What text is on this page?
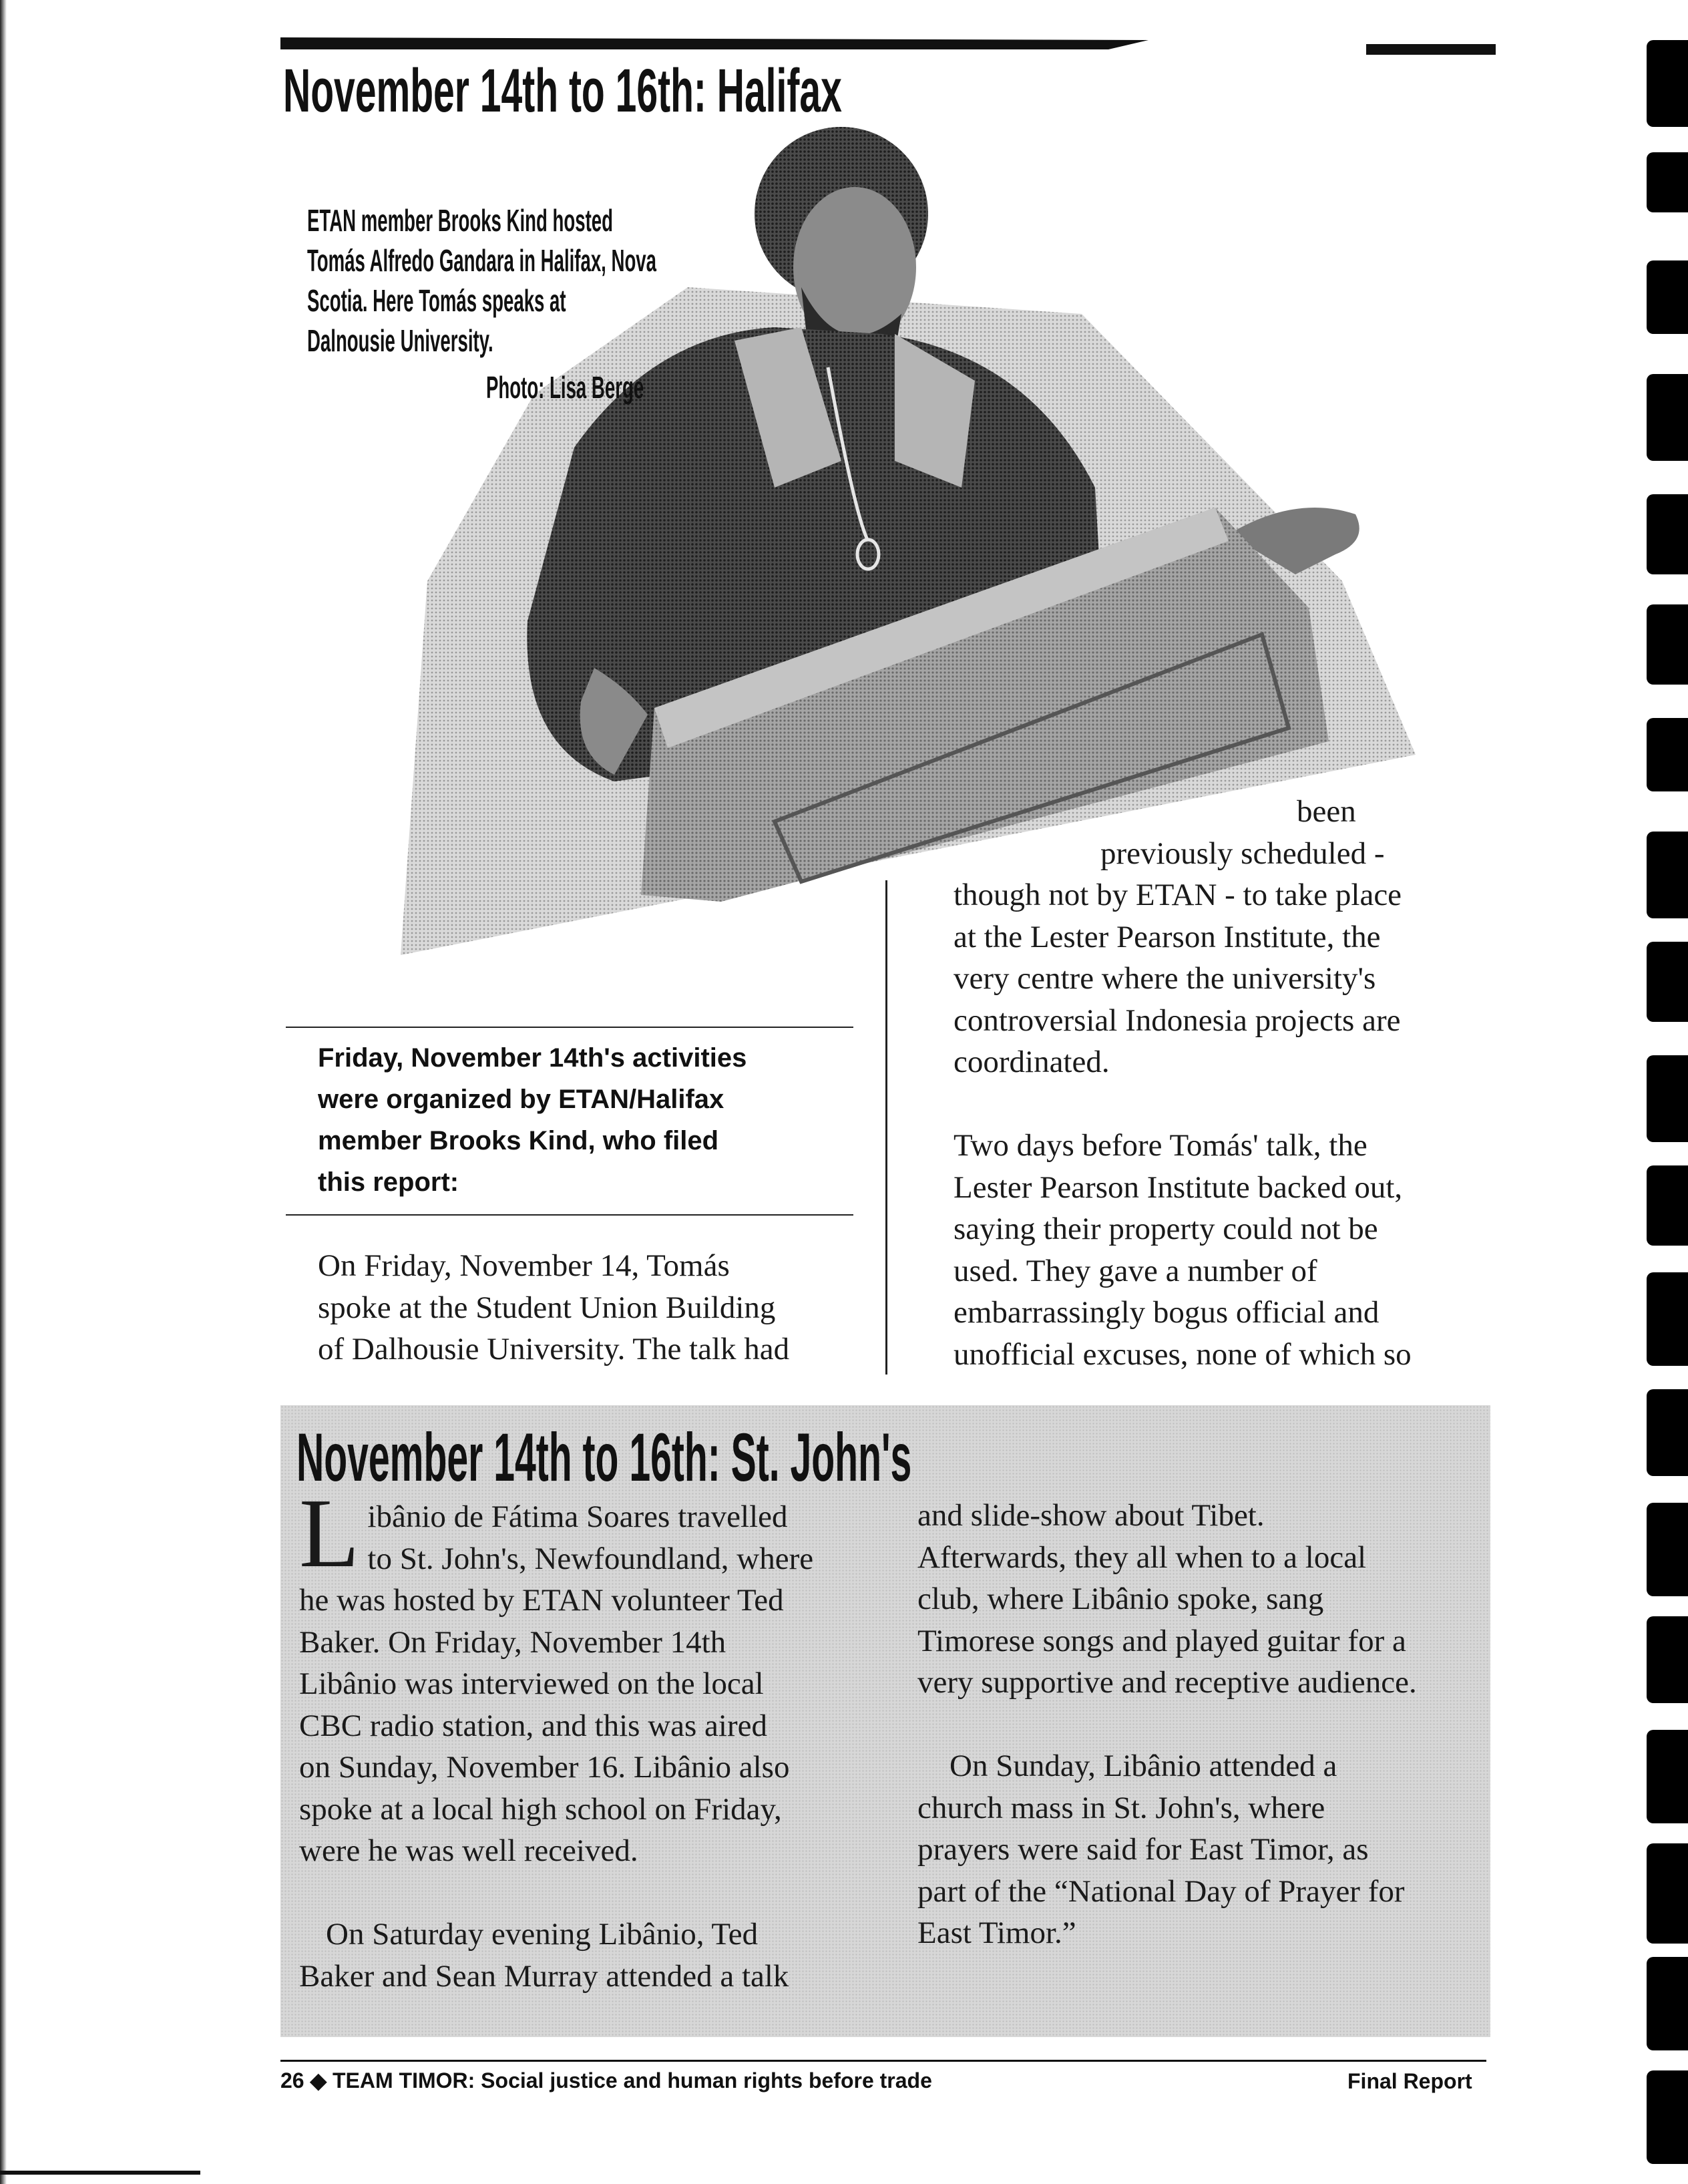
November 14th to 16th: Halifax
ETAN member Brooks Kind hosted
Tomás Alfredo Gandara in Halifax, Nova
Scotia. Here Tomás speaks at
Dalnousie University.
Photo: Lisa Berge
Friday, November 14th's activities
were organized by ETAN/Halifax
member Brooks Kind, who filed
this report:
On Friday, November 14, Tomás
spoke at the Student Union Building
of Dalhousie University. The talk had
been
previously scheduled -
though not by ETAN - to take place
at the Lester Pearson Institute, the
very centre where the university's
controversial Indonesia projects are
coordinated.
Two days before Tomás' talk, the
Lester Pearson Institute backed out,
saying their property could not be
used. They gave a number of
embarrassingly bogus official and
unofficial excuses, none of which so
November 14th to 16th: St. John's
L ibânio de Fátima Soares travelled
to St. John's, Newfoundland, where
he was hosted by ETAN volunteer Ted
Baker. On Friday, November 14th
Libânio was interviewed on the local
CBC radio station, and this was aired
on Sunday, November 16. Libânio also
spoke at a local high school on Friday,
were he was well received.
On Saturday evening Libânio, Ted
Baker and Sean Murray attended a talk
and slide-show about Tibet.
Afterwards, they all when to a local
club, where Libânio spoke, sang
Timorese songs and played guitar for a
very supportive and receptive audience.
On Sunday, Libânio attended a
church mass in St. John's, where
prayers were said for East Timor, as
part of the “National Day of Prayer for
East Timor.”
26 ◆ TEAM TIMOR: Social justice and human rights before trade	Final Report
